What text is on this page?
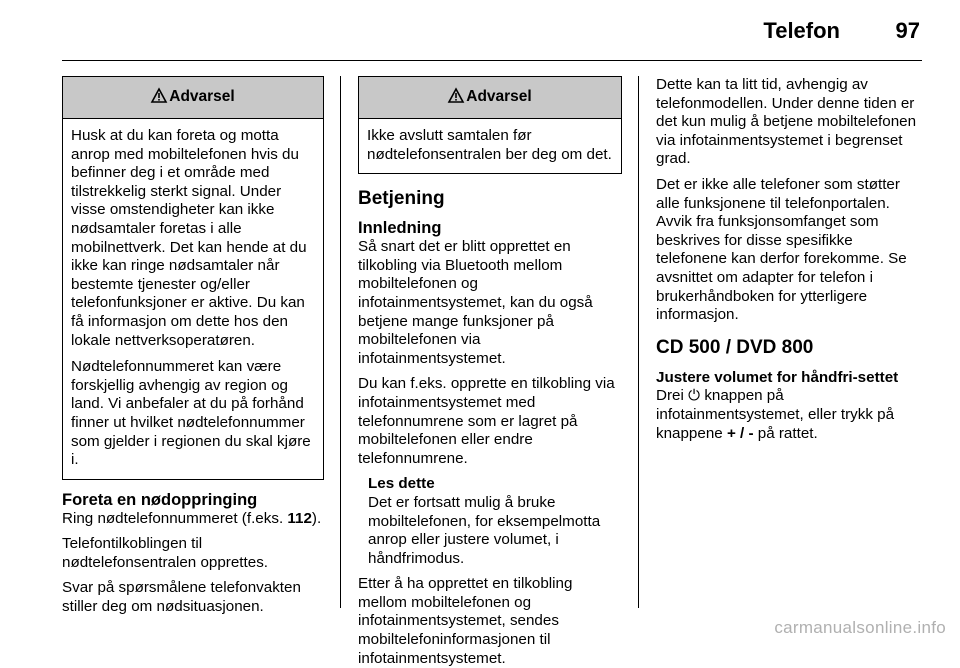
Telefon	97
Advarsel

Husk at du kan foreta og motta anrop med mobiltelefonen hvis du befinner deg i et område med tilstrekkelig sterkt signal. Under visse omstendigheter kan ikke nødsamtaler foretas i alle mobilnettverk. Det kan hende at du ikke kan ringe nødsamtaler når bestemte tjenester og/eller telefonfunksjoner er aktive. Du kan få informasjon om dette hos den lokale nettverksoperatøren.

Nødtelefonnummeret kan være forskjellig avhengig av region og land. Vi anbefaler at du på forhånd finner ut hvilket nødtelefonnummer som gjelder i regionen du skal kjøre i.

Foreta en nødoppringing

Ring nødtelefonnummeret (f.eks. 112).

Telefontilkoblingen til nødtelefonsentralen opprettes.

Svar på spørsmålene telefonvakten stiller deg om nødsituasjonen.

Advarsel

Ikke avslutt samtalen før nødtelefonsentralen ber deg om det.

Betjening
Innledning

Så snart det er blitt opprettet en tilkobling via Bluetooth mellom mobiltelefonen og infotainmentsystemet, kan du også betjene mange funksjoner på mobiltelefonen via infotainmentsystemet.

Du kan f.eks. opprette en tilkobling via infotainmentsystemet med telefonnumrene som er lagret på mobiltelefonen eller endre telefonnumrene.

Les dette

Det er fortsatt mulig å bruke mobiltelefonen, for eksempelmotta anrop eller justere volumet, i håndfrimodus.

Etter å ha opprettet en tilkobling mellom mobiltelefonen og infotainmentsystemet, sendes mobiltelefoninformasjonen til infotainmentsystemet.

Dette kan ta litt tid, avhengig av telefonmodellen. Under denne tiden er det kun mulig å betjene mobiltelefonen via infotainmentsystemet i begrenset grad.

Det er ikke alle telefoner som støtter alle funksjonene til telefonportalen. Avvik fra funksjonsomfanget som beskrives for disse spesifikke telefonene kan derfor forekomme. Se avsnittet om adapter for telefon i brukerhåndboken for ytterligere informasjon.

CD 500 / DVD 800
Justere volumet for håndfri-settet

Drei ⏻ knappen på infotainmentsystemet, eller trykk på knappene + / - på rattet.

carmanualsonline.info
